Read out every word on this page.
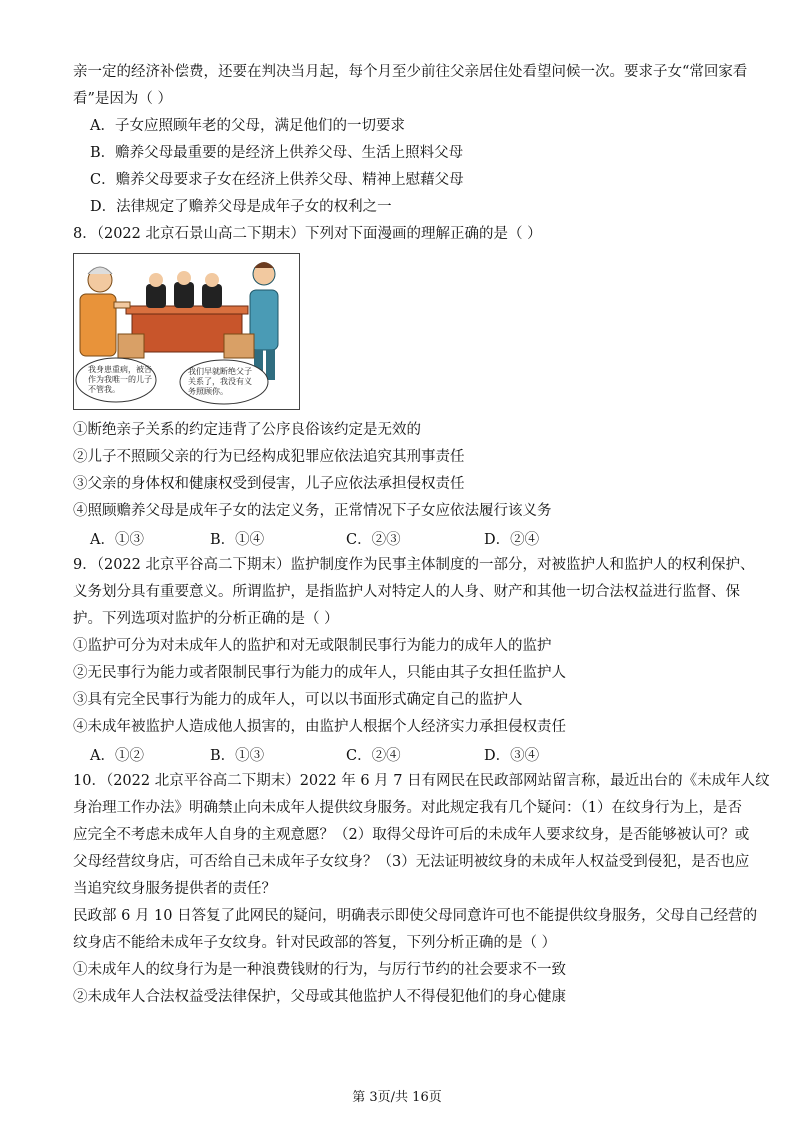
亲一定的经济补偿费，还要在判决当月起，每个月至少前往父亲居住处看望问候一次。要求子女“常回家看
看”是因为（ ）
A．子女应照顾年老的父母，满足他们的一切要求
B．赡养父母最重要的是经济上供养父母、生活上照料父母
C．赡养父母要求子女在经济上供养父母、精神上慰藉父母
D．法律规定了赡养父母是成年子女的权利之一
8．（2022 北京石景山高二下期末）下列对下面漫画的理解正确的是（ ）
我身患重病，被告
作为我唯一的儿子
不管我。
我们早就断绝父子
关系了，我没有义
务照顾你。
①断绝亲子关系的约定违背了公序良俗该约定是无效的
②儿子不照顾父亲的行为已经构成犯罪应依法追究其刑事责任
③父亲的身体权和健康权受到侵害，儿子应依法承担侵权责任
④照顾赡养父母是成年子女的法定义务，正常情况下子女应依法履行该义务
A．①③	B．①④	C．②③	D．②④
9．（2022 北京平谷高二下期末）监护制度作为民事主体制度的一部分，对被监护人和监护人的权利保护、
义务划分具有重要意义。所谓监护，是指监护人对特定人的人身、财产和其他一切合法权益进行监督、保
护。下列选项对监护的分析正确的是（ ）
①监护可分为对未成年人的监护和对无或限制民事行为能力的成年人的监护
②无民事行为能力或者限制民事行为能力的成年人，只能由其子女担任监护人
③具有完全民事行为能力的成年人，可以以书面形式确定自己的监护人
④未成年被监护人造成他人损害的，由监护人根据个人经济实力承担侵权责任
A．①②	B．①③	C．②④	D．③④
10．（2022 北京平谷高二下期末）2022 年 6 月 7 日有网民在民政部网站留言称，最近出台的《未成年人纹
身治理工作办法》明确禁止向未成年人提供纹身服务。对此规定我有几个疑问：（1）在纹身行为上，是否
应完全不考虑未成年人自身的主观意愿？（2）取得父母许可后的未成年人要求纹身，是否能够被认可？或
父母经营纹身店，可否给自己未成年子女纹身？（3）无法证明被纹身的未成年人权益受到侵犯，是否也应
当追究纹身服务提供者的责任？
民政部 6 月 10 日答复了此网民的疑问，明确表示即使父母同意许可也不能提供纹身服务，父母自己经营的
纹身店不能给未成年子女纹身。针对民政部的答复，下列分析正确的是（ ）
①未成年人的纹身行为是一种浪费钱财的行为，与厉行节约的社会要求不一致
②未成年人合法权益受法律保护，父母或其他监护人不得侵犯他们的身心健康
第 3页/共 16页
